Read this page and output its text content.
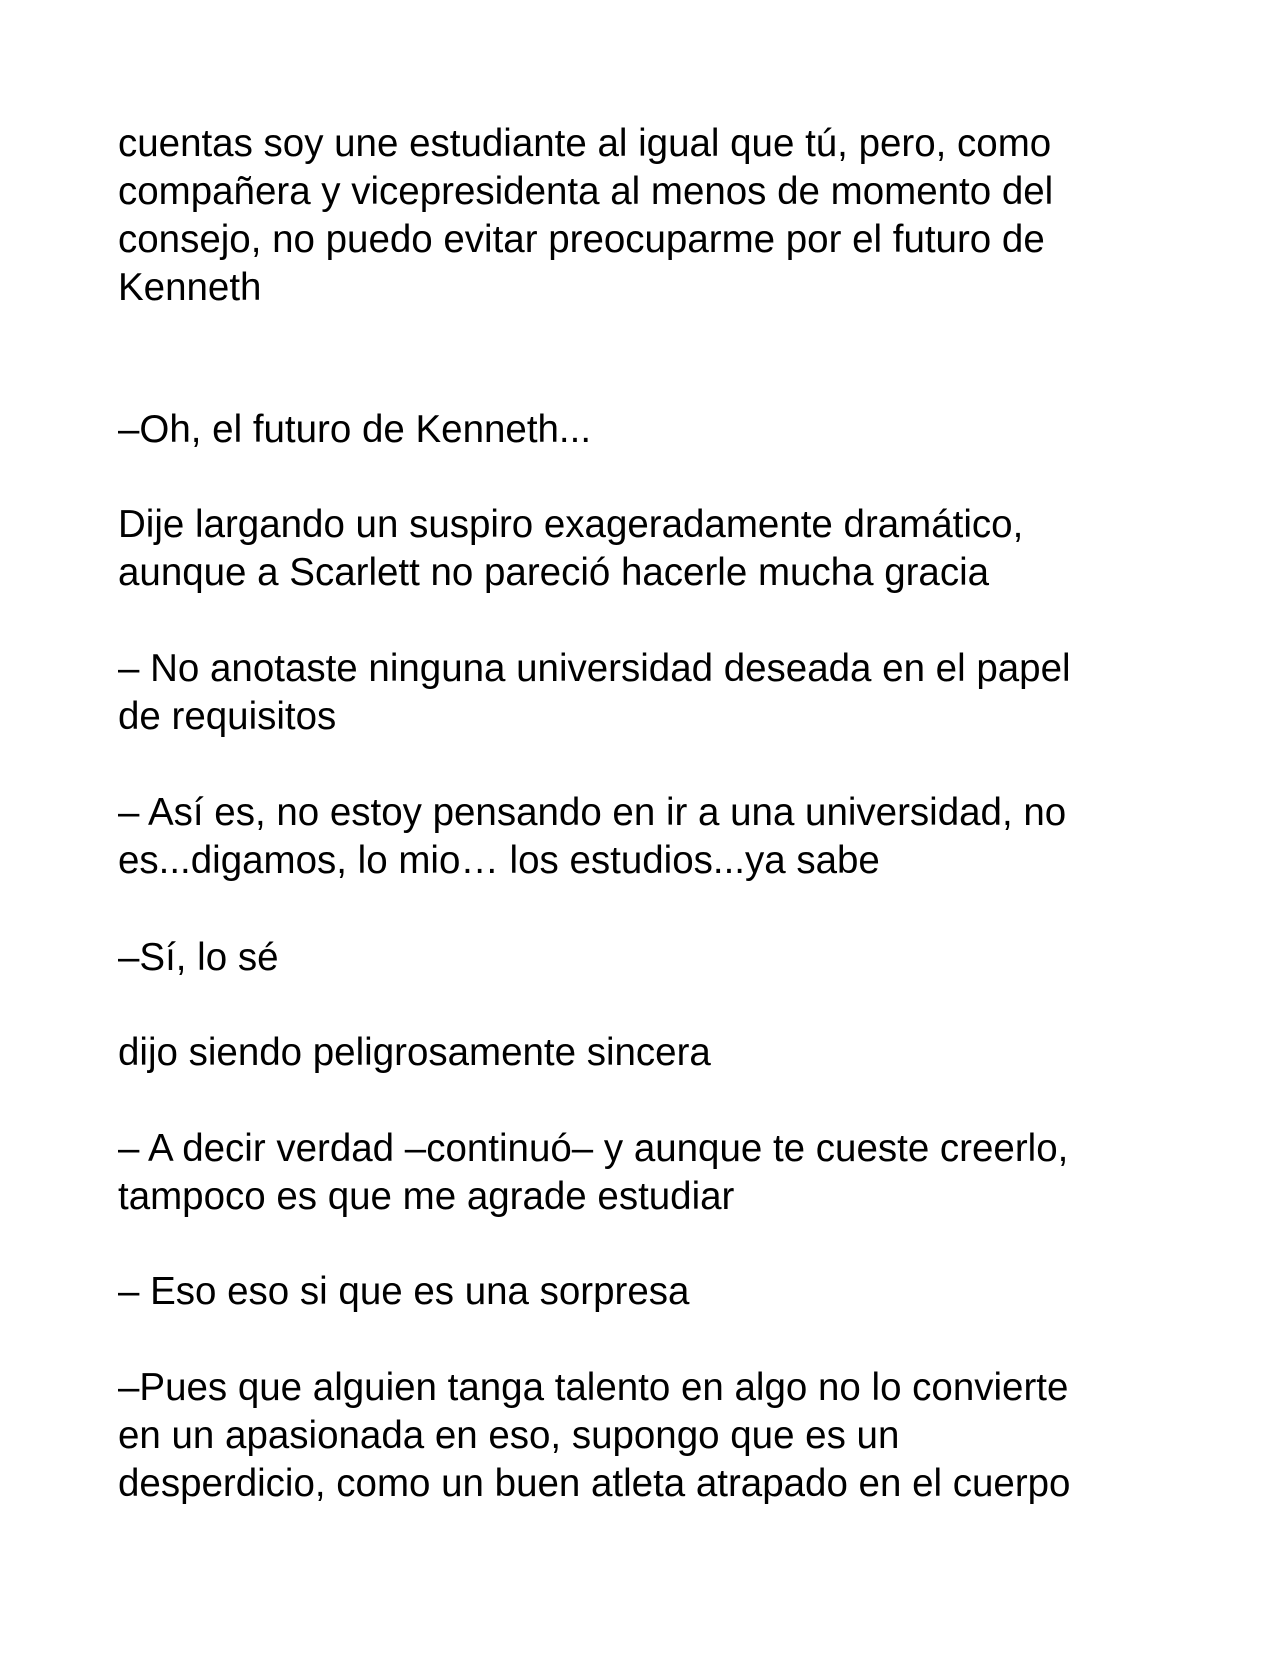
cuentas soy une estudiante al igual que tú, pero, como
compañera y vicepresidenta al menos de momento del
consejo, no puedo evitar preocuparme por el futuro de
Kenneth
–Oh, el futuro de Kenneth...
Dije largando un suspiro exageradamente dramático,
aunque a Scarlett no pareció hacerle mucha gracia
– No anotaste ninguna universidad deseada en el papel
de requisitos
– Así es, no estoy pensando en ir a una universidad, no
es...digamos, lo mio… los estudios...ya sabe
–Sí, lo sé
dijo siendo peligrosamente sincera
– A decir verdad –continuó– y aunque te cueste creerlo,
tampoco es que me agrade estudiar
– Eso eso si que es una sorpresa
–Pues que alguien tanga talento en algo no lo convierte
en un apasionada en eso, supongo que es un
desperdicio, como un buen atleta atrapado en el cuerpo
